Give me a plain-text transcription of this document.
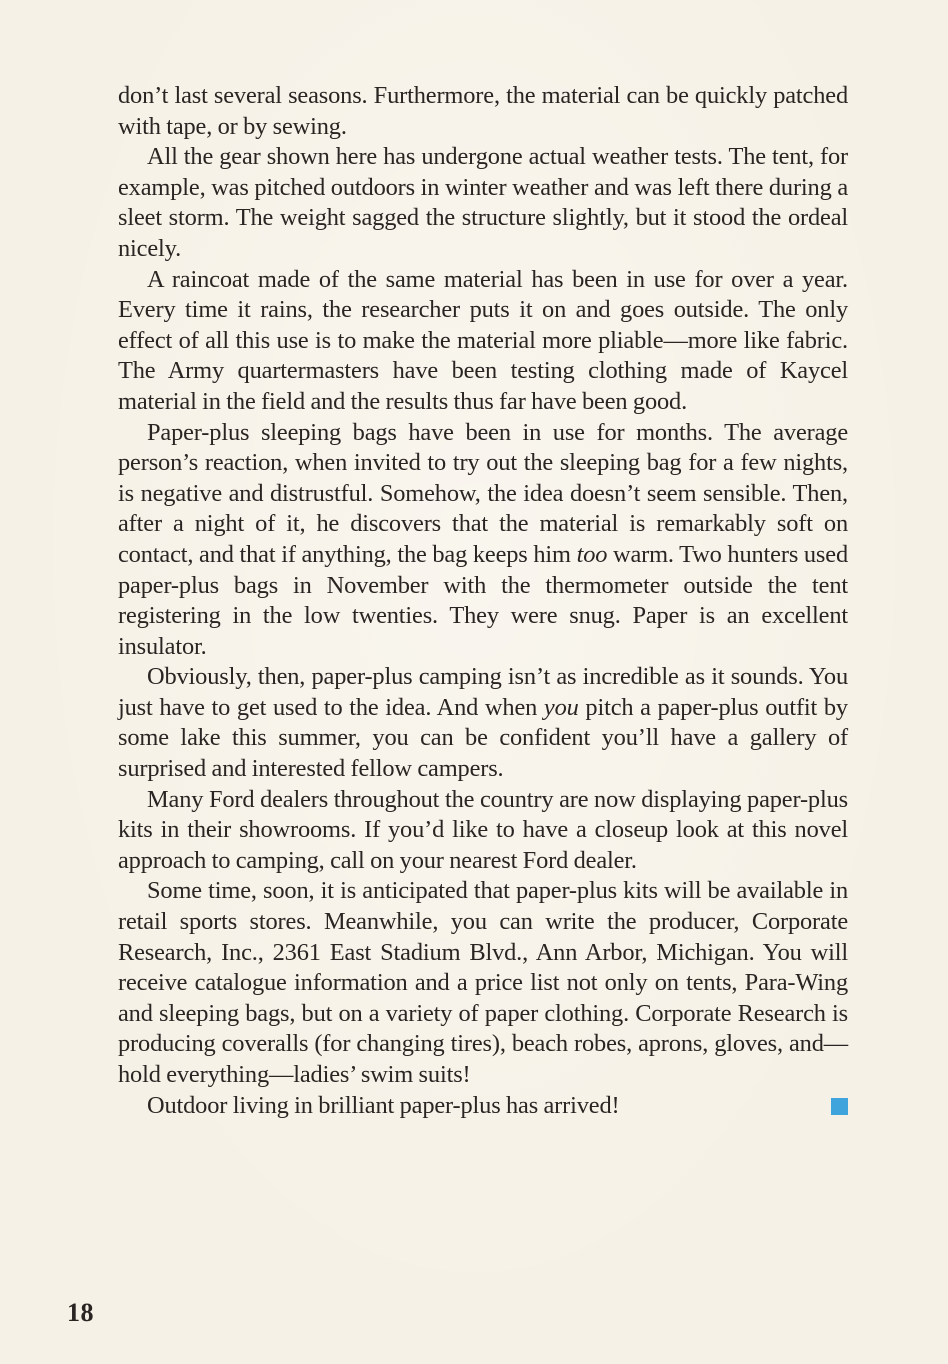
don’t last several seasons. Furthermore, the material can be quickly patched with tape, or by sewing.

All the gear shown here has undergone actual weather tests. The tent, for example, was pitched outdoors in winter weather and was left there during a sleet storm. The weight sagged the structure slightly, but it stood the ordeal nicely.

A raincoat made of the same material has been in use for over a year. Every time it rains, the researcher puts it on and goes outside. The only effect of all this use is to make the material more pliable—more like fabric. The Army quartermasters have been testing clothing made of Kaycel material in the field and the results thus far have been good.

Paper-plus sleeping bags have been in use for months. The average person’s reaction, when invited to try out the sleeping bag for a few nights, is negative and distrustful. Somehow, the idea doesn’t seem sensible. Then, after a night of it, he discovers that the material is remarkably soft on contact, and that if anything, the bag keeps him too warm. Two hunters used paper-plus bags in November with the thermometer outside the tent registering in the low twenties. They were snug. Paper is an excellent insulator.

Obviously, then, paper-plus camping isn’t as incredible as it sounds. You just have to get used to the idea. And when you pitch a paper-plus outfit by some lake this summer, you can be confident you’ll have a gallery of surprised and interested fellow campers.

Many Ford dealers throughout the country are now displaying paper-plus kits in their showrooms. If you’d like to have a closeup look at this novel approach to camping, call on your nearest Ford dealer.

Some time, soon, it is anticipated that paper-plus kits will be available in retail sports stores. Meanwhile, you can write the producer, Corporate Research, Inc., 2361 East Stadium Blvd., Ann Arbor, Michigan. You will receive catalogue information and a price list not only on tents, Para-Wing and sleeping bags, but on a variety of paper clothing. Corporate Research is producing coveralls (for changing tires), beach robes, aprons, gloves, and—hold everything—ladies’ swim suits!

Outdoor living in brilliant paper-plus has arrived!

18
